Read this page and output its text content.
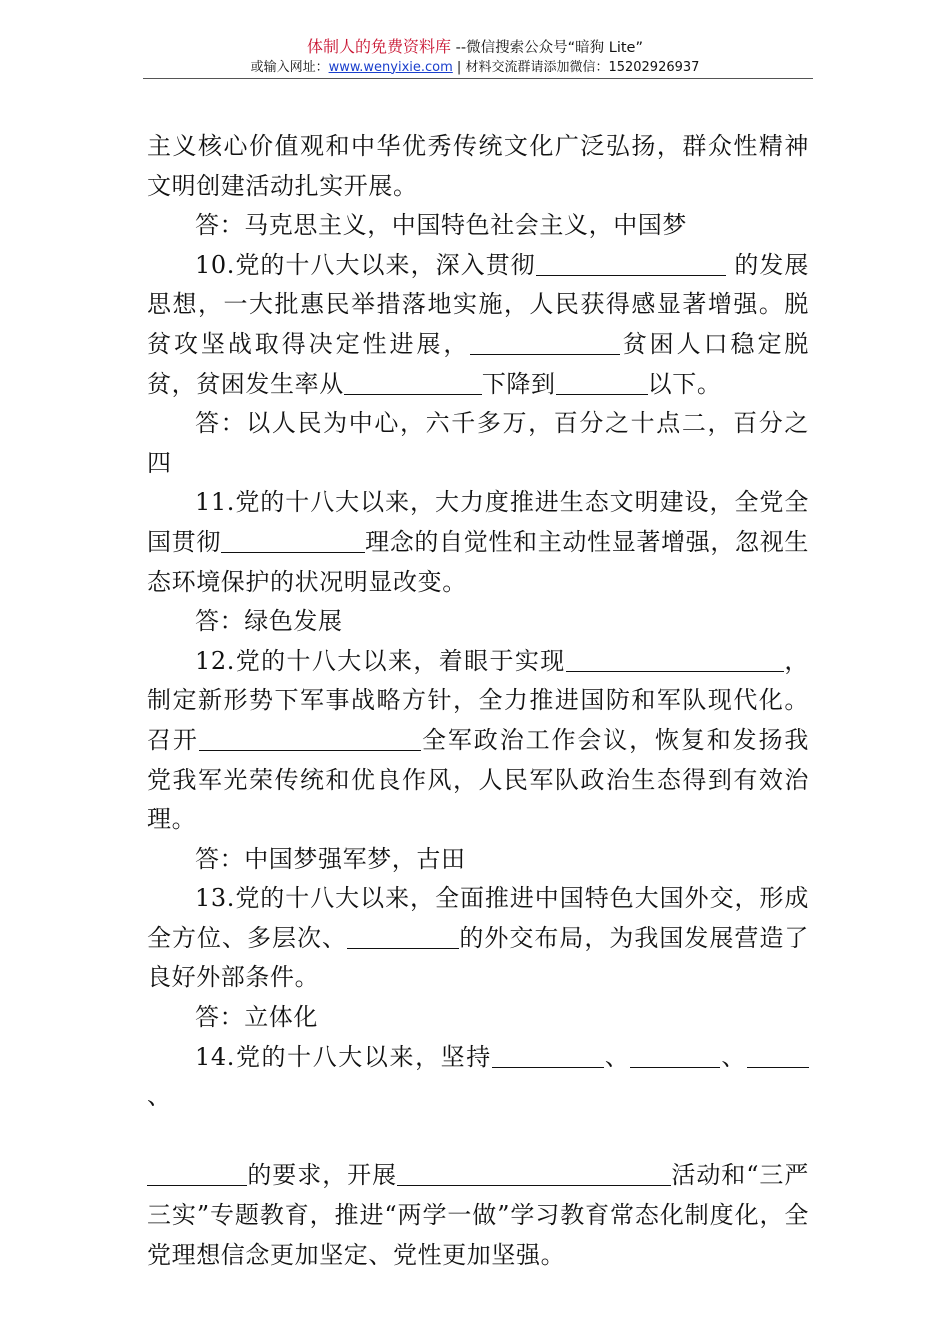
体制人的免费资料库 --微信搜索公众号“暗狗 Lite”
或输入网址：www.wenyixie.com | 材料交流群请添加微信：15202926937

主义核心价值观和中华优秀传统文化广泛弘扬，群众性精神文明创建活动扎实开展。

答：马克思主义，中国特色社会主义，中国梦

10.党的十八大以来，深入贯彻	的发展思想，一大批惠民举措落地实施，人民获得感显著增强。脱贫攻坚战取得决定性进展，	贫困人口稳定脱贫，贫困发生率从	下降到	以下。

答：以人民为中心，六千多万，百分之十点二，百分之四

11.党的十八大以来，大力度推进生态文明建设，全党全国贯彻	理念的自觉性和主动性显著增强，忽视生态环境保护的状况明显改变。

答：绿色发展

12.党的十八大以来，着眼于实现	，制定新形势下军事战略方针，全力推进国防和军队现代化。召开	全军政治工作会议，恢复和发扬我党我军光荣传统和优良作风，人民军队政治生态得到有效治理。

答：中国梦强军梦，古田

13.党的十八大以来，全面推进中国特色大国外交，形成全方位、多层次、	的外交布局，为我国发展营造了良好外部条件。

答：立体化

14.党的十八大以来，坚持	、	、、

的要求，开展	活动和“三严三实”专题教育，推进“两学一做”学习教育常态化制度化，全党理想信念更加坚定、党性更加坚强。
